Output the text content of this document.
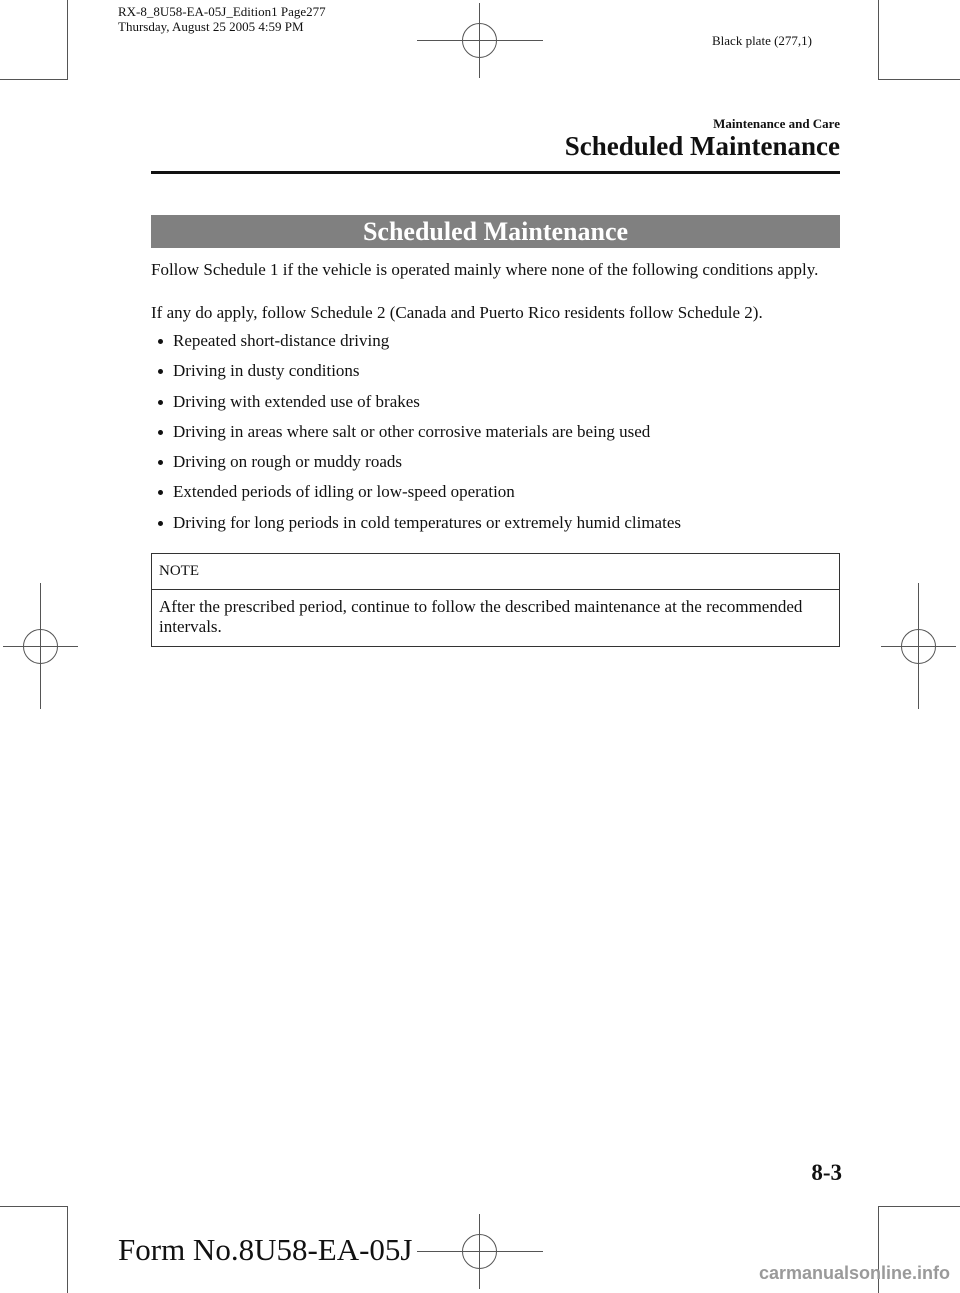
RX-8_8U58-EA-05J_Edition1 Page277
Thursday, August 25 2005 4:59 PM
Black plate (277,1)
Maintenance and Care
Scheduled Maintenance
Scheduled Maintenance
Follow Schedule 1 if the vehicle is operated mainly where none of the following conditions apply.
If any do apply, follow Schedule 2 (Canada and Puerto Rico residents follow Schedule 2).
Repeated short-distance driving
Driving in dusty conditions
Driving with extended use of brakes
Driving in areas where salt or other corrosive materials are being used
Driving on rough or muddy roads
Extended periods of idling or low-speed operation
Driving for long periods in cold temperatures or extremely humid climates
NOTE
After the prescribed period, continue to follow the described maintenance at the recommended intervals.
8-3
Form No.8U58-EA-05J
carmanualsonline.info
